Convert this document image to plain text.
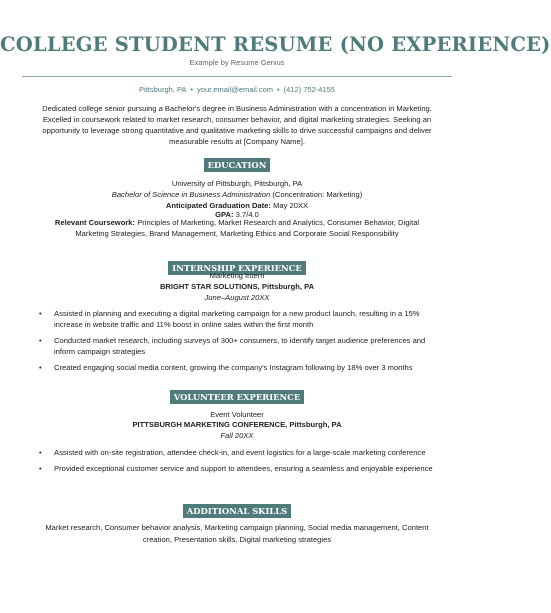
COLLEGE STUDENT RESUME (NO EXPERIENCE)
Example by Resume Genius
Pittsburgh, PA • your.email@email.com • (412) 752-4155
Dedicated college senior pursuing a Bachelor's degree in Business Administration with a concentration in Marketing. Excelled in coursework related to market research, consumer behavior, and digital marketing strategies. Seeking an opportunity to leverage strong quantitative and qualitative marketing skills to drive successful campaigns and deliver measurable results at [Company Name].
EDUCATION
University of Pittsburgh, Pittsburgh, PA
Bachelor of Science in Business Administration (Concentration: Marketing)
Anticipated Graduation Date: May 20XX
GPA: 3.7/4.0
Relevant Coursework: Principles of Marketing, Market Research and Analytics, Consumer Behavior, Digital Marketing Strategies, Brand Management, Marketing Ethics and Corporate Social Responsibility
INTERNSHIP EXPERIENCE
Marketing Intern
BRIGHT STAR SOLUTIONS, Pittsburgh, PA
June–August 20XX
• Assisted in planning and executing a digital marketing campaign for a new product launch, resulting in a 15% increase in website traffic and 11% boost in online sales within the first month
• Conducted market research, including surveys of 300+ consumers, to identify target audience preferences and inform campaign strategies
• Created engaging social media content, growing the company's Instagram following by 18% over 3 months
VOLUNTEER EXPERIENCE
Event Volunteer
PITTSBURGH MARKETING CONFERENCE, Pittsburgh, PA
Fall 20XX
• Assisted with on-site registration, attendee check-in, and event logistics for a large-scale marketing conference
• Provided exceptional customer service and support to attendees, ensuring a seamless and enjoyable experience
ADDITIONAL SKILLS
Market research, Consumer behavior analysis, Marketing campaign planning, Social media management, Content creation, Presentation skills, Digital marketing strategies
